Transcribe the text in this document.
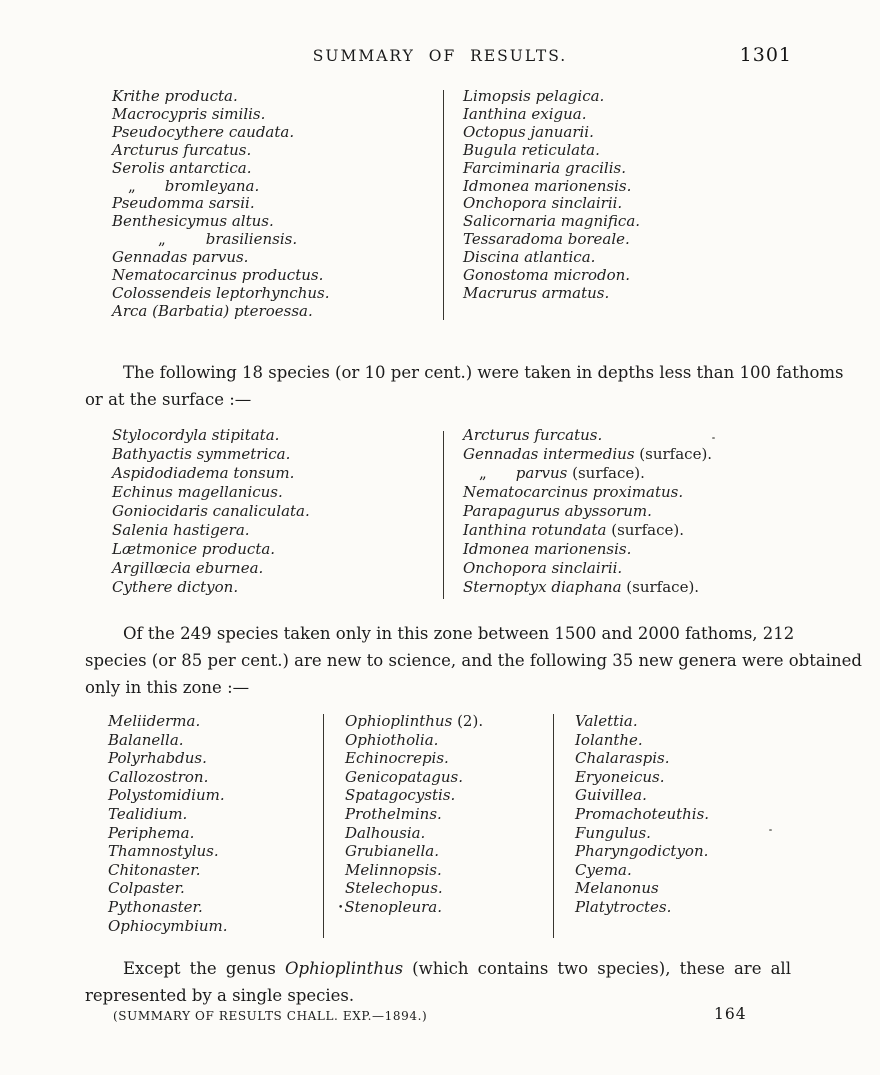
SUMMARY OF RESULTS.	1301
Krithe producta.
Macrocypris similis.
Pseudocythere caudata.
Arcturus furcatus.
Serolis antarctica.
„ bromleyana.
Pseudomma sarsii.
Benthesicymus altus.
„	brasiliensis.
Gennadas parvus.
Nematocarcinus productus.
Colossendeis leptorhynchus.
Arca (Barbatia) pteroessa.
Limopsis pelagica.
Ianthina exigua.
Octopus januarii.
Bugula reticulata.
Farciminaria gracilis.
Idmonea marionensis.
Onchopora sinclairii.
Salicornaria magnifica.
Tessaradoma boreale.
Discina atlantica.
Gonostoma microdon.
Macrurus armatus.
The following 18 species (or 10 per cent.) were taken in depths less than 100 fathoms
or at the surface :—
Stylocordyla stipitata.
Bathyactis symmetrica.
Aspidodiadema tonsum.
Echinus magellanicus.
Goniocidaris canaliculata.
Salenia hastigera.
Lætmonice producta.
Argillœcia eburnea.
Cythere dictyon.
Arcturus furcatus.
Gennadas intermedius (surface).
„ parvus (surface).
Nematocarcinus proximatus.
Parapagurus abyssorum.
Ianthina rotundata (surface).
Idmonea marionensis.
Onchopora sinclairii.
Sternoptyx diaphana (surface).
Of the 249 species taken only in this zone between 1500 and 2000 fathoms, 212
species (or 85 per cent.) are new to science, and the following 35 new genera were obtained
only in this zone :—
Meliiderma.
Balanella.
Polyrhabdus.
Callozostron.
Polystomidium.
Tealidium.
Periphema.
Thamnostylus.
Chitonaster.
Colpaster.
Pythonaster.
Ophiocymbium.
Ophioplinthus (2).
Ophiotholia.
Echinocrepis.
Genicopatagus.
Spatagocystis.
Prothelmins.
Dalhousia.
Grubianella.
Melinnopsis.
Stelechopus.
•Stenopleura.
Valettia.
Iolanthe.
Chalaraspis.
Eryoneicus.
Guivillea.
Promachoteuthis.
Fungulus.
Pharyngodictyon.
Cyema.
Melanonus
Platytroctes.
Except the genus Ophioplinthus (which contains two species), these are all
represented by a single species.
(SUMMARY OF RESULTS CHALL. EXP.—1894.)	164
